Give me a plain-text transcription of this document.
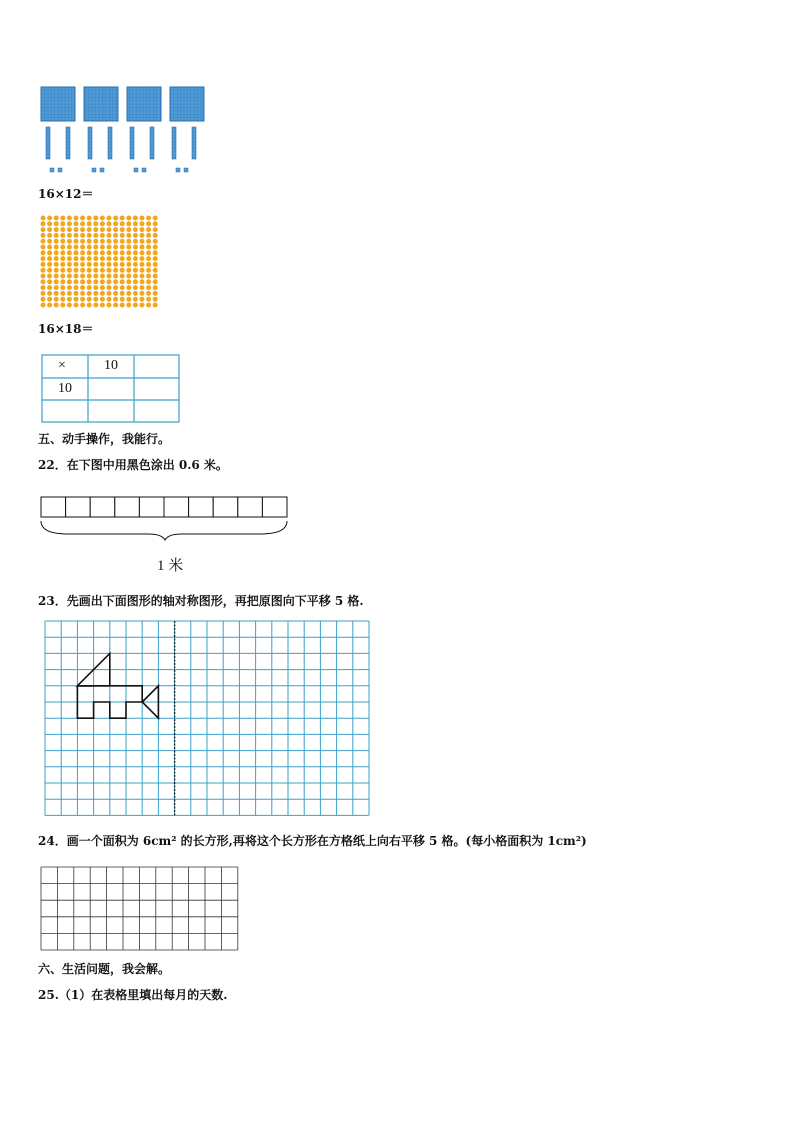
16×12＝
16×18＝
×	10
10
五、动手操作，我能行。
22．在下图中用黑色涂出 0.6 米。
1 米
23．先画出下面图形的轴对称图形，再把原图向下平移 5 格.
24．画一个面积为 6cm² 的长方形,再将这个长方形在方格纸上向右平移 5 格。(每小格面积为 1cm²)
六、生活问题，我会解。
25.（1）在表格里填出每月的天数.
